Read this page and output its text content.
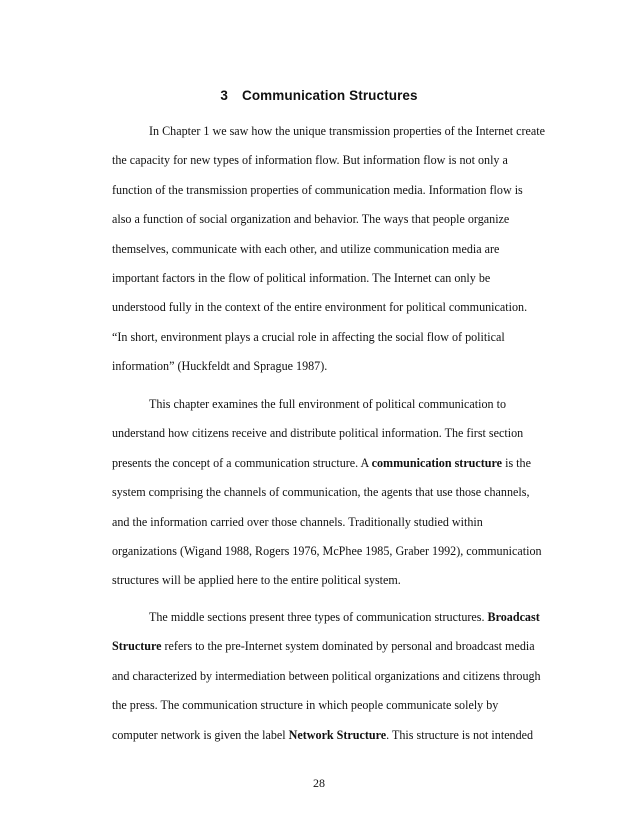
3 Communication Structures
In Chapter 1 we saw how the unique transmission properties of the Internet create
the capacity for new types of information flow. But information flow is not only a
function of the transmission properties of communication media. Information flow is
also a function of social organization and behavior. The ways that people organize
themselves, communicate with each other, and utilize communication media are
important factors in the flow of political information. The Internet can only be
understood fully in the context of the entire environment for political communication.
“In short, environment plays a crucial role in affecting the social flow of political
information” (Huckfeldt and Sprague 1987).
This chapter examines the full environment of political communication to
understand how citizens receive and distribute political information. The first section
presents the concept of a communication structure. A communication structure is the
system comprising the channels of communication, the agents that use those channels,
and the information carried over those channels. Traditionally studied within
organizations (Wigand 1988, Rogers 1976, McPhee 1985, Graber 1992), communication
structures will be applied here to the entire political system.
The middle sections present three types of communication structures. Broadcast
Structure refers to the pre-Internet system dominated by personal and broadcast media
and characterized by intermediation between political organizations and citizens through
the press. The communication structure in which people communicate solely by
computer network is given the label Network Structure. This structure is not intended
28
